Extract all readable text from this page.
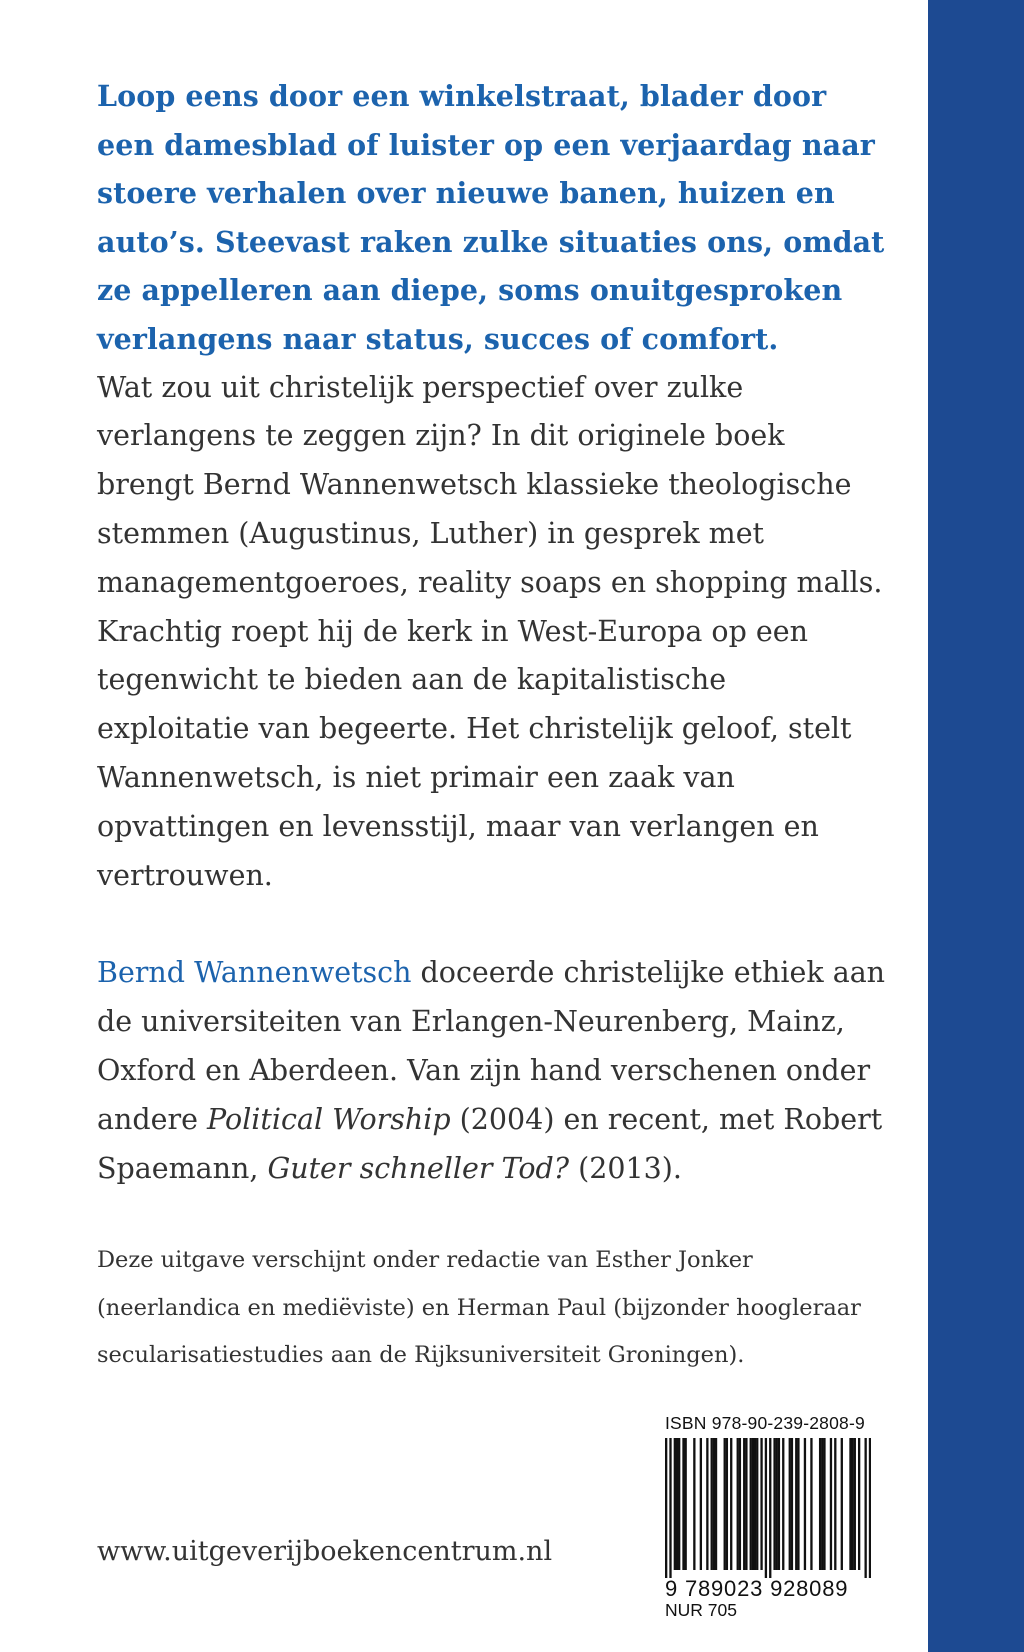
Loop eens door een winkelstraat, blader door een damesblad of luister op een verjaardag naar stoere verhalen over nieuwe banen, huizen en auto’s. Steevast raken zulke situaties ons, omdat ze appelleren aan diepe, soms onuitgesproken verlangens naar status, succes of comfort.

Wat zou uit christelijk perspectief over zulke verlangens te zeggen zijn? In dit originele boek brengt Bernd Wannenwetsch klassieke theologische stemmen (Augustinus, Luther) in gesprek met managementgoeroes, reality soaps en shopping malls. Krachtig roept hij de kerk in West-Europa op een tegenwicht te bieden aan de kapitalistische exploitatie van begeerte. Het christelijk geloof, stelt Wannenwetsch, is niet primair een zaak van opvattingen en levensstijl, maar van verlangen en vertrouwen.

Bernd Wannenwetsch doceerde christelijke ethiek aan de universiteiten van Erlangen-Neurenberg, Mainz, Oxford en Aberdeen. Van zijn hand verschenen onder andere Political Worship (2004) en recent, met Robert Spaemann, Guter schneller Tod? (2013).

Deze uitgave verschijnt onder redactie van Esther Jonker (neerlandica en mediëviste) en Herman Paul (bijzonder hoogleraar secularisatiestudies aan de Rijksuniversiteit Groningen).

www.uitgeverijboekencentrum.nl
ISBN 978-90-239-2808-9
9 789023 928089
NUR 705
